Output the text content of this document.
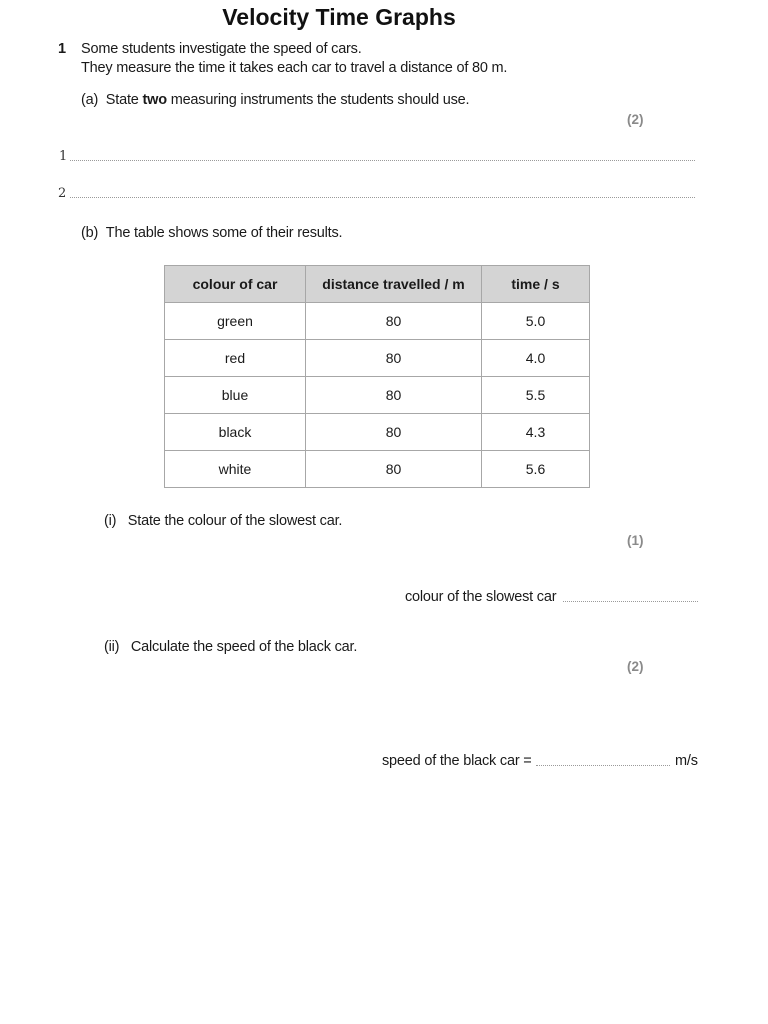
Velocity Time Graphs
1 Some students investigate the speed of cars.
They measure the time it takes each car to travel a distance of 80 m.
(a) State two measuring instruments the students should use.
(2)
1
2
(b) The table shows some of their results.
colour of car	distance travelled / m	time / s
green	80	5.0
red	80	4.0
blue	80	5.5
black	80	4.3
white	80	5.6
(i) State the colour of the slowest car.
(1)
colour of the slowest car
(ii) Calculate the speed of the black car.
(2)
speed of the black car =	m/s
